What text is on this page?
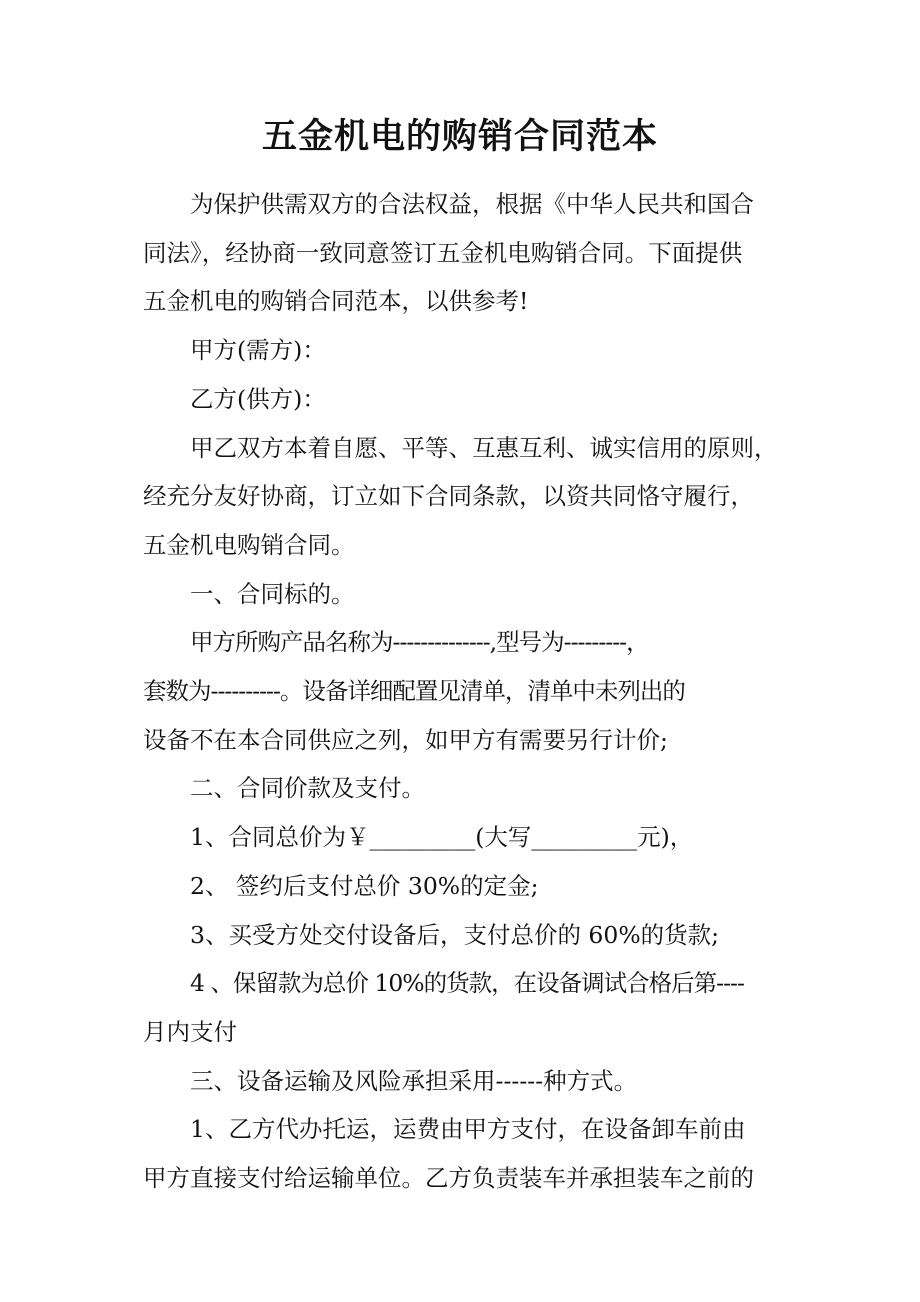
五金机电的购销合同范本
为保护供需双方的合法权益，根据《中华人民共和国合
同法》，经协商一致同意签订五金机电购销合同。下面提供
五金机电的购销合同范本，以供参考!
甲方(需方)：
乙方(供方)：
甲乙双方本着自愿、平等、互惠互利、诚实信用的原则，
经充分友好协商，订立如下合同条款，以资共同恪守履行，
五金机电购销合同。
一、合同标的。
甲方所购产品名称为--------------,型号为---------，
套数为----------。设备详细配置见清单，清单中未列出的
设备不在本合同供应之列，如甲方有需要另行计价;
二、合同价款及支付。
1、合同总价为￥_________(大写_________元)，
2、 签约后支付总价 30%的定金;
3、买受方处交付设备后，支付总价的 60%的货款;
4 、保留款为总价 10%的货款，在设备调试合格后第----
月内支付
三、设备运输及风险承担采用------种方式。
1、乙方代办托运，运费由甲方支付，在设备卸车前由
甲方直接支付给运输单位。乙方负责装车并承担装车之前的
